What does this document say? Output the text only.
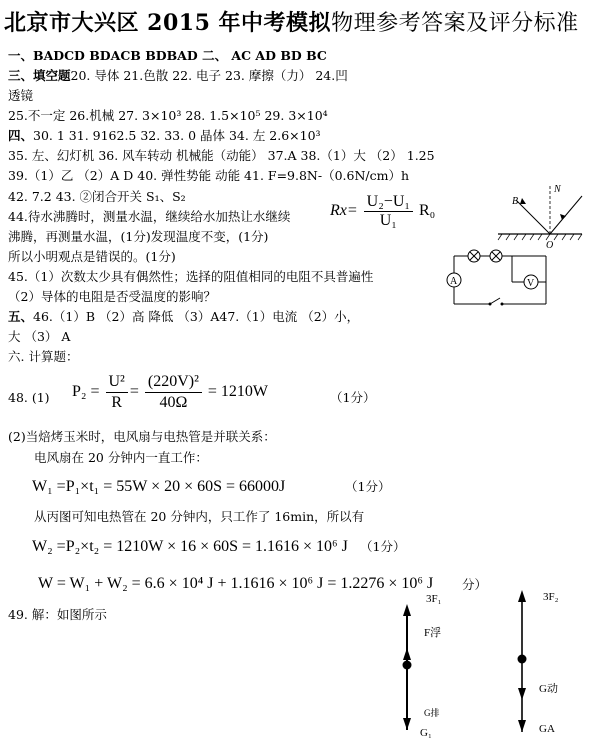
北京市大兴区 2015 年中考模拟物理参考答案及评分标准
一、BADCD BDACB BDBAD 二、 AC AD BD BC
三、填空题20. 导体 21.色散 22. 电子 23. 摩擦（力） 24.凹
透镜
25.不一定 26.机械 27. 3×10³ 28. 1.5×10⁵ 29. 3×10⁴
四、30. 1 31. 9162.5 32. 33. 0 晶体 34. 左 2.6×10³
35. 左、幻灯机 36. 风车转动 机械能（动能） 37.A 38.（1）大 （2） 1.25
39.（1）乙 （2）A D 40. 弹性势能 动能 41. F=9.8N-（0.6N/cm）h
42. 7.2 43. ②闭合开关 S₁、S₂
44.待水沸腾时，测量水温，继续给水加热让水继续
沸腾，再测量水温，(1分)发现温度不变，(1分)
所以小明观点是错误的。(1分)
45.（1）次数太少具有偶然性；选择的阻值相同的电阻不具普遍性
（2）导体的电阻是否受温度的影响？
五、46.（1）B （2）高 降低 （3）A47.（1）电流 （2）小，
大 （3） A
六. 计算题：
$Rx= \frac{\text{U₂−U₁}}{\text{U₁}} R_0$
48. (1) $P_2 = \frac{\text{U²}}{R} = \frac{\text{(220V)²}}{40\Omega} = 1210W$	（1分）
(2)当焙烤玉米时，电风扇与电热管是并联关系：
电风扇在 20 分钟内一直工作：
W₁ =P₁×t₁ = 55W × 20 × 60S = 66000J	（1分）
从丙图可知电热管在 20 分钟内，只工作了 16min，所以有
W₂ =P₂×t₂ = 1210W × 16 × 60S = 1.1616 × 10⁶ J （1分）
W = W₁ + W₂ = 6.6 × 10⁴ J + 1.1616 × 10⁶ J = 1.2276 × 10⁶ J 分）
49. 解：如图所示
B
N
O
A	V
3F₁
F浮
G排
G₁
3F₂
G动
GA
